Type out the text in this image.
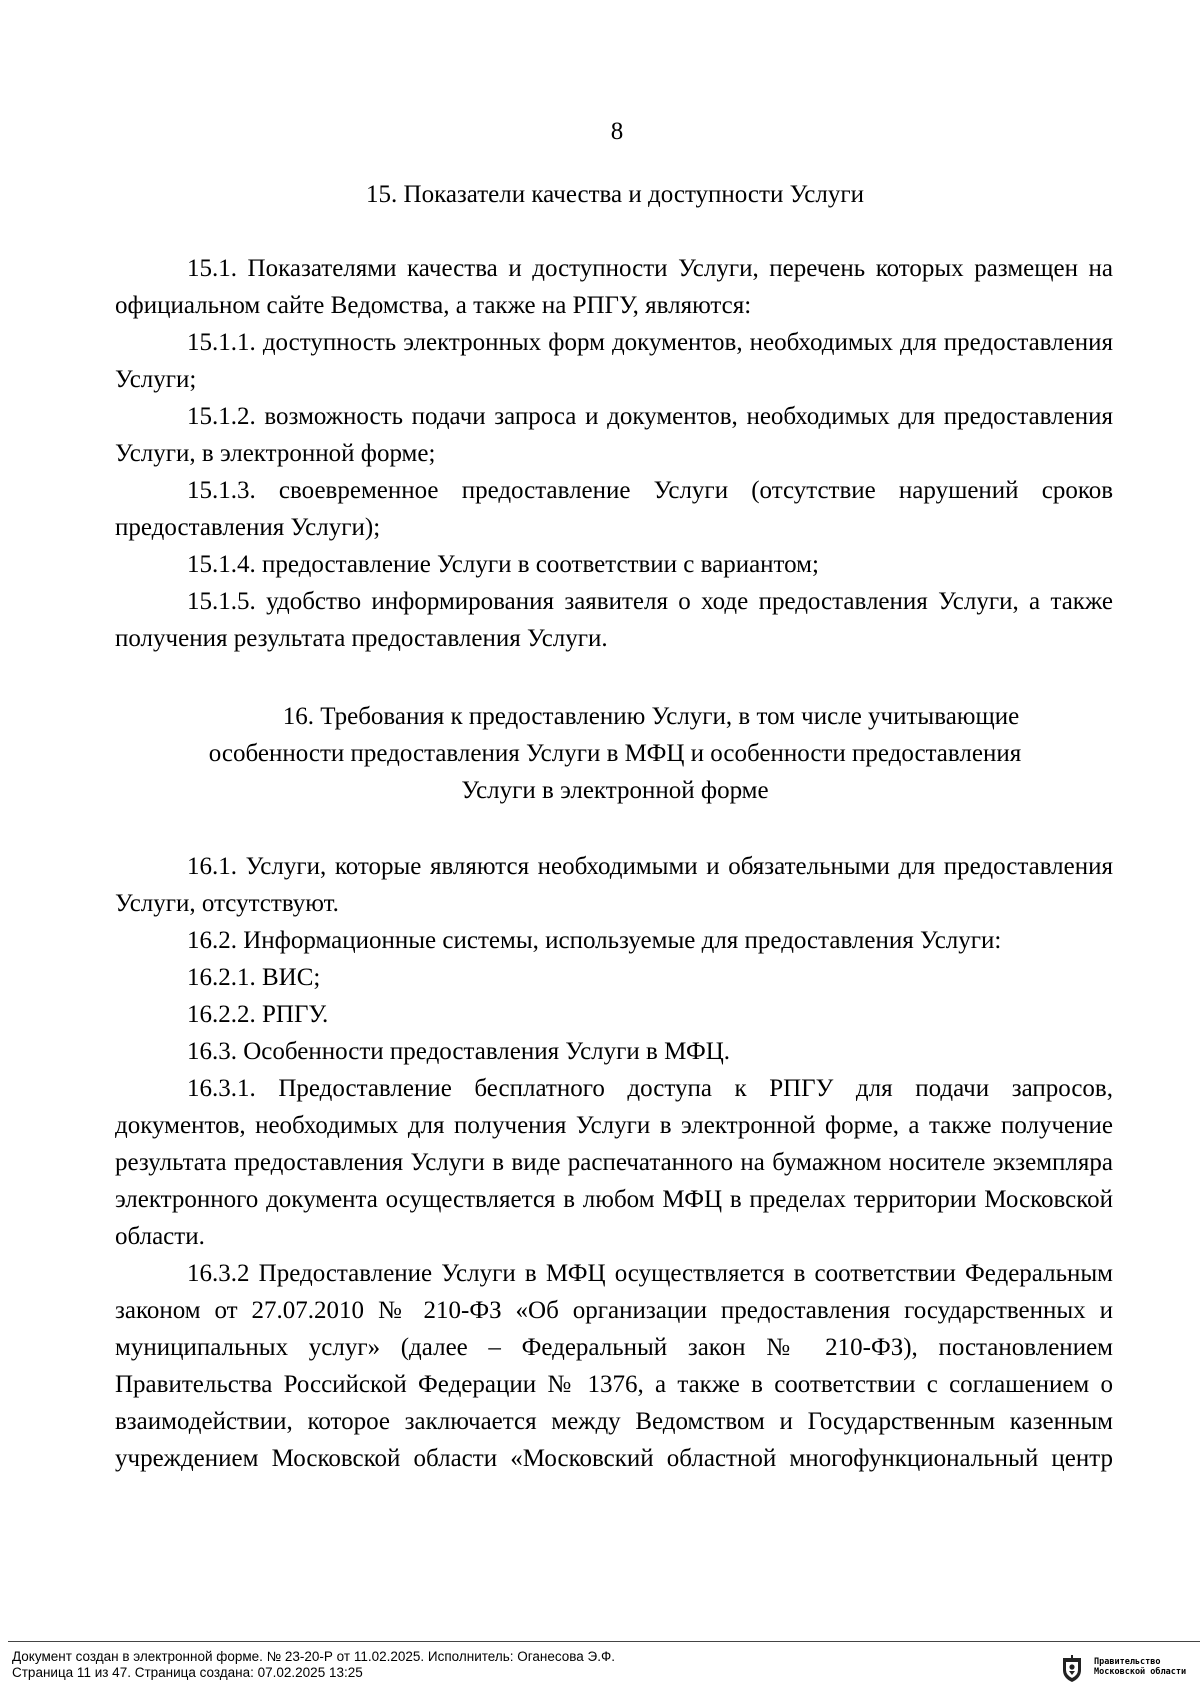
8
15. Показатели качества и доступности Услуги

15.1. Показателями качества и доступности Услуги, перечень которых размещен на официальном сайте Ведомства, а также на РПГУ, являются:

15.1.1. доступность электронных форм документов, необходимых для предоставления Услуги;

15.1.2. возможность подачи запроса и документов, необходимых для предоставления Услуги, в электронной форме;

15.1.3. своевременное предоставление Услуги (отсутствие нарушений сроков предоставления Услуги);

15.1.4. предоставление Услуги в соответствии с вариантом;

15.1.5. удобство информирования заявителя о ходе предоставления Услуги, а также получения результата предоставления Услуги.

16. Требования к предоставлению Услуги, в том числе учитывающие
особенности предоставления Услуги в МФЦ и особенности предоставления
Услуги в электронной форме

16.1. Услуги, которые являются необходимыми и обязательными для предоставления Услуги, отсутствуют.

16.2. Информационные системы, используемые для предоставления Услуги:

16.2.1. ВИС;

16.2.2. РПГУ.

16.3. Особенности предоставления Услуги в МФЦ.

16.3.1. Предоставление бесплатного доступа к РПГУ для подачи запросов, документов, необходимых для получения Услуги в электронной форме, а также получение результата предоставления Услуги в виде распечатанного на бумажном носителе экземпляра электронного документа осуществляется в любом МФЦ в пределах территории Московской области.

16.3.2 Предоставление Услуги в МФЦ осуществляется в соответствии Федеральным законом от 27.07.2010 № 210-ФЗ «Об организации предоставления государственных и муниципальных услуг» (далее – Федеральный закон № 210-ФЗ), постановлением Правительства Российской Федерации № 1376, а также в соответствии с соглашением о взаимодействии, которое заключается между Ведомством и Государственным казенным учреждением Московской области «Московский областной многофункциональный центр

Документ создан в электронной форме. № 23-20-Р от 11.02.2025. Исполнитель: Оганесова Э.Ф.
Страница 11 из 47. Страница создана: 07.02.2025 13:25
Правительство
Московской области
